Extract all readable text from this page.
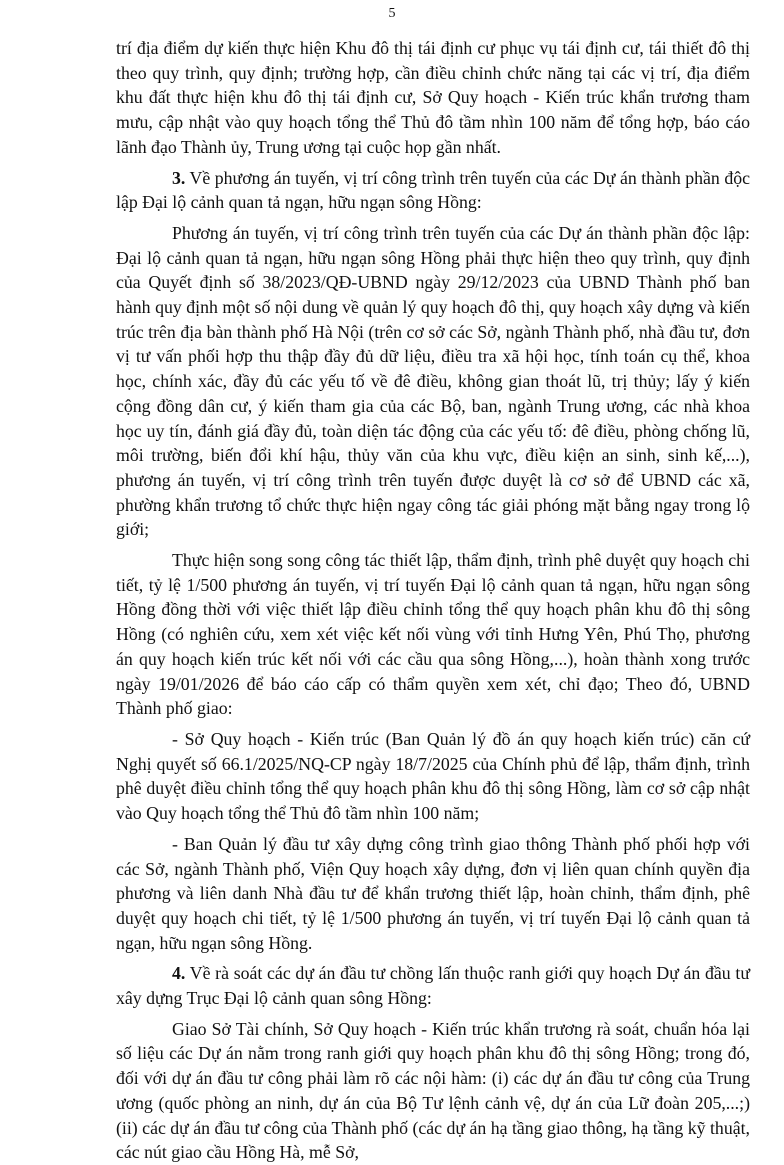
5

trí địa điểm dự kiến thực hiện Khu đô thị tái định cư phục vụ tái định cư, tái thiết đô thị theo quy trình, quy định; trường hợp, cần điều chỉnh chức năng tại các vị trí, địa điểm khu đất thực hiện khu đô thị tái định cư, Sở Quy hoạch - Kiến trúc khẩn trương tham mưu, cập nhật vào quy hoạch tổng thể Thủ đô tầm nhìn 100 năm để tổng hợp, báo cáo lãnh đạo Thành ủy, Trung ương tại cuộc họp gần nhất.

3. Về phương án tuyến, vị trí công trình trên tuyến của các Dự án thành phần độc lập Đại lộ cảnh quan tả ngạn, hữu ngạn sông Hồng:

Phương án tuyến, vị trí công trình trên tuyến của các Dự án thành phần độc lập: Đại lộ cảnh quan tả ngạn, hữu ngạn sông Hồng phải thực hiện theo quy trình, quy định của Quyết định số 38/2023/QĐ-UBND ngày 29/12/2023 của UBND Thành phố ban hành quy định một số nội dung về quản lý quy hoạch đô thị, quy hoạch xây dựng và kiến trúc trên địa bàn thành phố Hà Nội (trên cơ sở các Sở, ngành Thành phố, nhà đầu tư, đơn vị tư vấn phối hợp thu thập đầy đủ dữ liệu, điều tra xã hội học, tính toán cụ thể, khoa học, chính xác, đầy đủ các yếu tố về đê điều, không gian thoát lũ, trị thủy; lấy ý kiến cộng đồng dân cư, ý kiến tham gia của các Bộ, ban, ngành Trung ương, các nhà khoa học uy tín, đánh giá đầy đủ, toàn diện tác động của các yếu tố: đê điều, phòng chống lũ, môi trường, biến đổi khí hậu, thủy văn của khu vực, điều kiện an sinh, sinh kế,...), phương án tuyến, vị trí công trình trên tuyến được duyệt là cơ sở để UBND các xã, phường khẩn trương tổ chức thực hiện ngay công tác giải phóng mặt bằng ngay trong lộ giới;

Thực hiện song song công tác thiết lập, thẩm định, trình phê duyệt quy hoạch chi tiết, tỷ lệ 1/500 phương án tuyến, vị trí tuyến Đại lộ cảnh quan tả ngạn, hữu ngạn sông Hồng đồng thời với việc thiết lập điều chỉnh tổng thể quy hoạch phân khu đô thị sông Hồng (có nghiên cứu, xem xét việc kết nối vùng với tỉnh Hưng Yên, Phú Thọ, phương án quy hoạch kiến trúc kết nối với các cầu qua sông Hồng,...), hoàn thành xong trước ngày 19/01/2026 để báo cáo cấp có thẩm quyền xem xét, chỉ đạo; Theo đó, UBND Thành phố giao:

- Sở Quy hoạch - Kiến trúc (Ban Quản lý đồ án quy hoạch kiến trúc) căn cứ Nghị quyết số 66.1/2025/NQ-CP ngày 18/7/2025 của Chính phủ để lập, thẩm định, trình phê duyệt điều chỉnh tổng thể quy hoạch phân khu đô thị sông Hồng, làm cơ sở cập nhật vào Quy hoạch tổng thể Thủ đô tầm nhìn 100 năm;

- Ban Quản lý đầu tư xây dựng công trình giao thông Thành phố phối hợp với các Sở, ngành Thành phố, Viện Quy hoạch xây dựng, đơn vị liên quan chính quyền địa phương và liên danh Nhà đầu tư để khẩn trương thiết lập, hoàn chỉnh, thẩm định, phê duyệt quy hoạch chi tiết, tỷ lệ 1/500 phương án tuyến, vị trí tuyến Đại lộ cảnh quan tả ngạn, hữu ngạn sông Hồng.

4. Về rà soát các dự án đầu tư chồng lấn thuộc ranh giới quy hoạch Dự án đầu tư xây dựng Trục Đại lộ cảnh quan sông Hồng:

Giao Sở Tài chính, Sở Quy hoạch - Kiến trúc khẩn trương rà soát, chuẩn hóa lại số liệu các Dự án nằm trong ranh giới quy hoạch phân khu đô thị sông Hồng; trong đó, đối với dự án đầu tư công phải làm rõ các nội hàm: (i) các dự án đầu tư công của Trung ương (quốc phòng an ninh, dự án của Bộ Tư lệnh cảnh vệ, dự án của Lữ đoàn 205,...;) (ii) các dự án đầu tư công của Thành phố (các dự án hạ tầng giao thông, hạ tầng kỹ thuật, các nút giao cầu Hồng Hà, mễ Sở,
